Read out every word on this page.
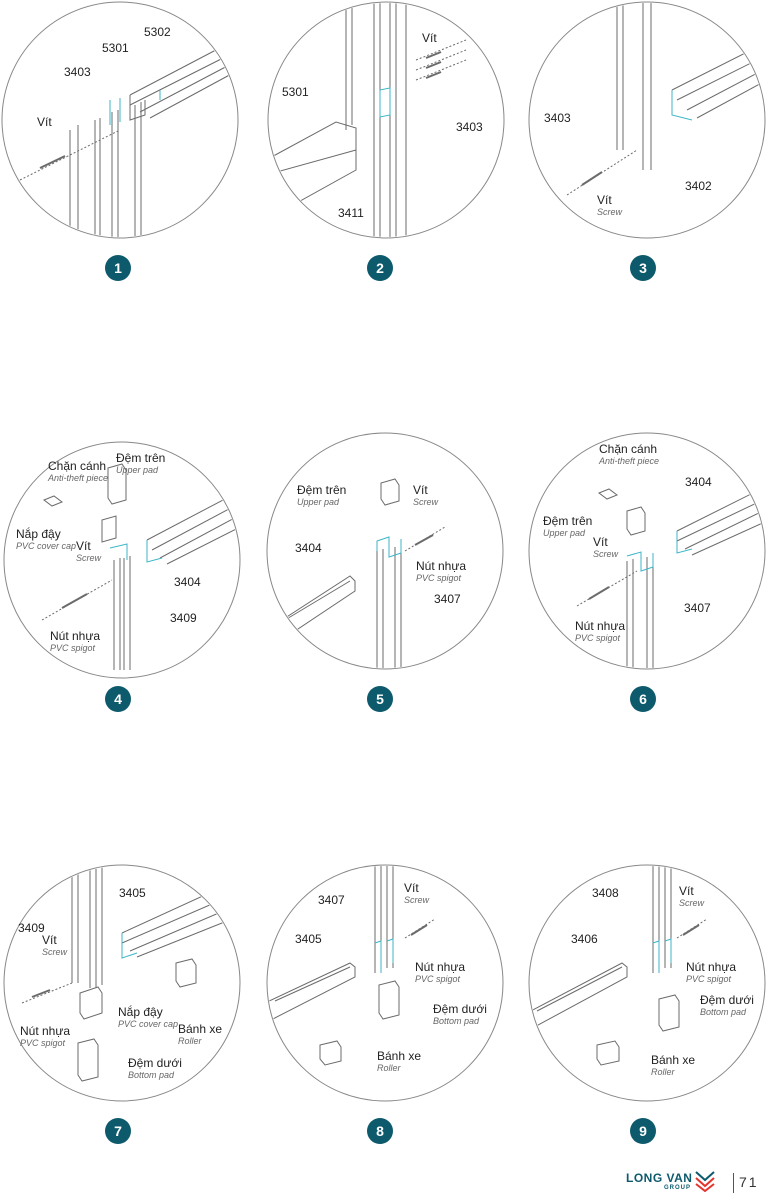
5302
5301
3403
Vít
1
Vít
5301
3403
3411
2
3403
3402
Vít
Screw
3
Đệm trên
Upper pad
Chặn cánh
Anti-theft piece
Nắp đậy
PVC cover cap Vít
Screw
3404
3409
Nút nhựa
PVC spigot
4
Đệm trên
Upper pad
Vít
Screw
3404
Nút nhựa
PVC spigot
3407
5
Chặn cánh
Anti-theft piece
3404
Đệm trên
Upper pad
Vít
Screw
3407
Nút nhựa
PVC spigot
6
3405
3409
Vít
Screw
Nắp đậy
PVC cover cap Bánh xe
Roller
Nút nhựa
PVC spigot
Đệm dưới
Bottom pad
7
Vít
Screw
3407
3405
Nút nhựa
PVC spigot
Đệm dưới
Bottom pad
Bánh xe
Roller
8
3408	Vít
Screw
3406
Nút nhựa
PVC spigot
Đệm dưới
Bottom pad
Bánh xe
Roller
9
LONG VAN
GROUP	71
